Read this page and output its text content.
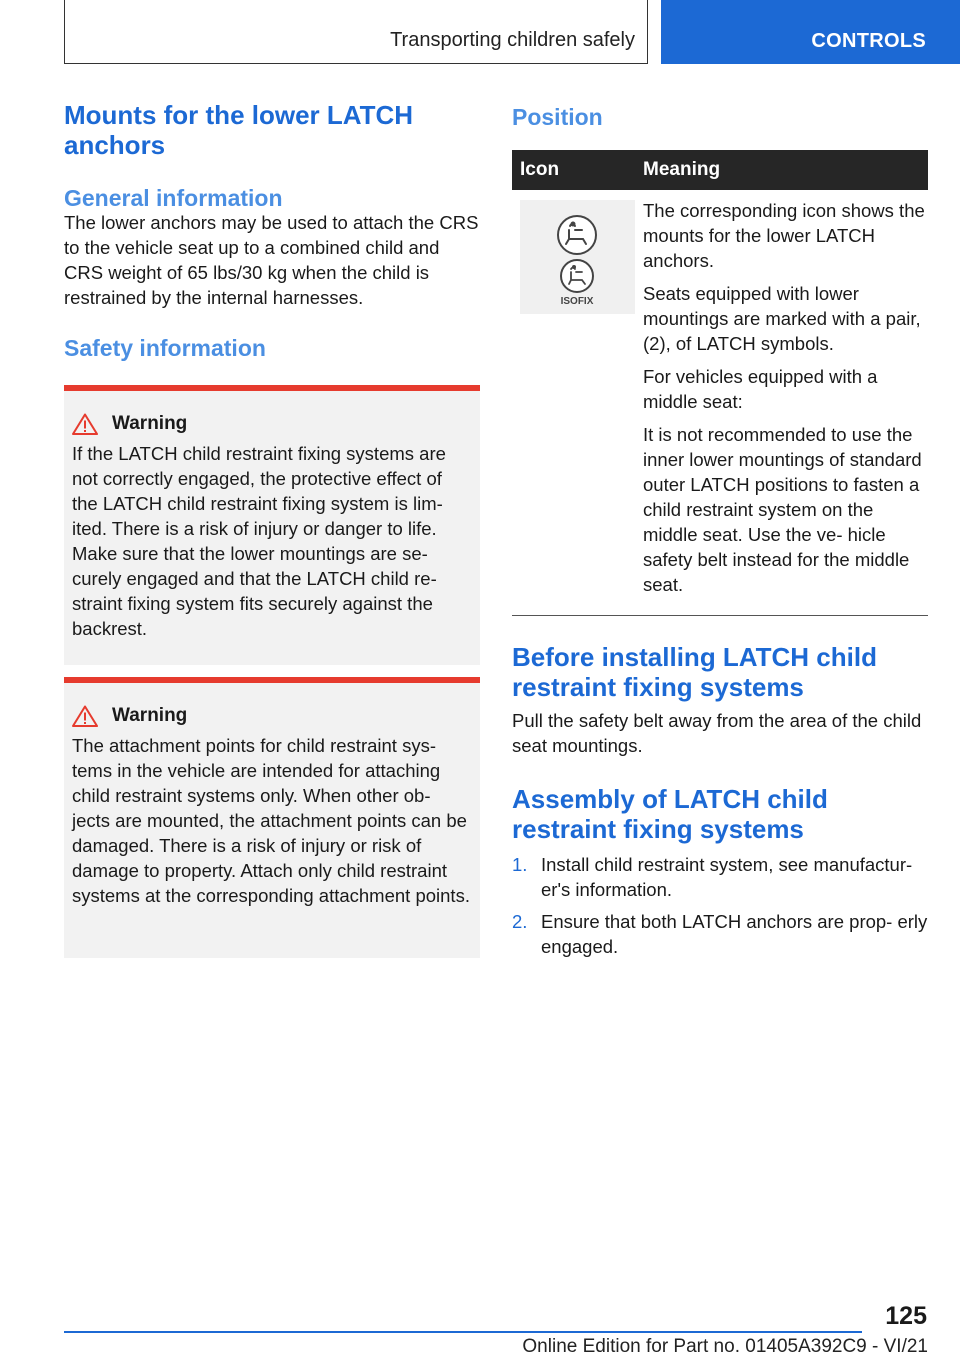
Transporting children safely	CONTROLS
Mounts for the lower LATCH anchors
General information

The lower anchors may be used to attach the CRS to the vehicle seat up to a combined child and CRS weight of 65 lbs/30 kg when the child is restrained by the internal harnesses.

Safety information
Warning

If the LATCH child restraint fixing systems are not correctly engaged, the protective effect of the LATCH child restraint fixing system is lim‐ ited. There is a risk of injury or danger to life. Make sure that the lower mountings are se‐ curely engaged and that the LATCH child re‐ straint fixing system fits securely against the backrest.

Warning

The attachment points for child restraint sys‐ tems in the vehicle are intended for attaching child restraint systems only. When other ob‐ jects are mounted, the attachment points can be damaged. There is a risk of injury or risk of damage to property. Attach only child restraint systems at the corresponding attachment points.

Position
Icon	Meaning
ISOFIX

The corresponding icon shows the mounts for the lower LATCH anchors.

Seats equipped with lower mountings are marked with a pair, (2), of LATCH symbols.

For vehicles equipped with a middle seat:

It is not recommended to use the inner lower mountings of standard outer LATCH positions to fasten a child restraint system on the middle seat. Use the ve‐ hicle safety belt instead for the middle seat.

Before installing LATCH child restraint fixing systems

Pull the safety belt away from the area of the child seat mountings.

Assembly of LATCH child restraint fixing systems
1. Install child restraint system, see manufactur‐ er's information.
2. Ensure that both LATCH anchors are prop‐ erly engaged.
125
Online Edition for Part no. 01405A392C9 - VI/21
